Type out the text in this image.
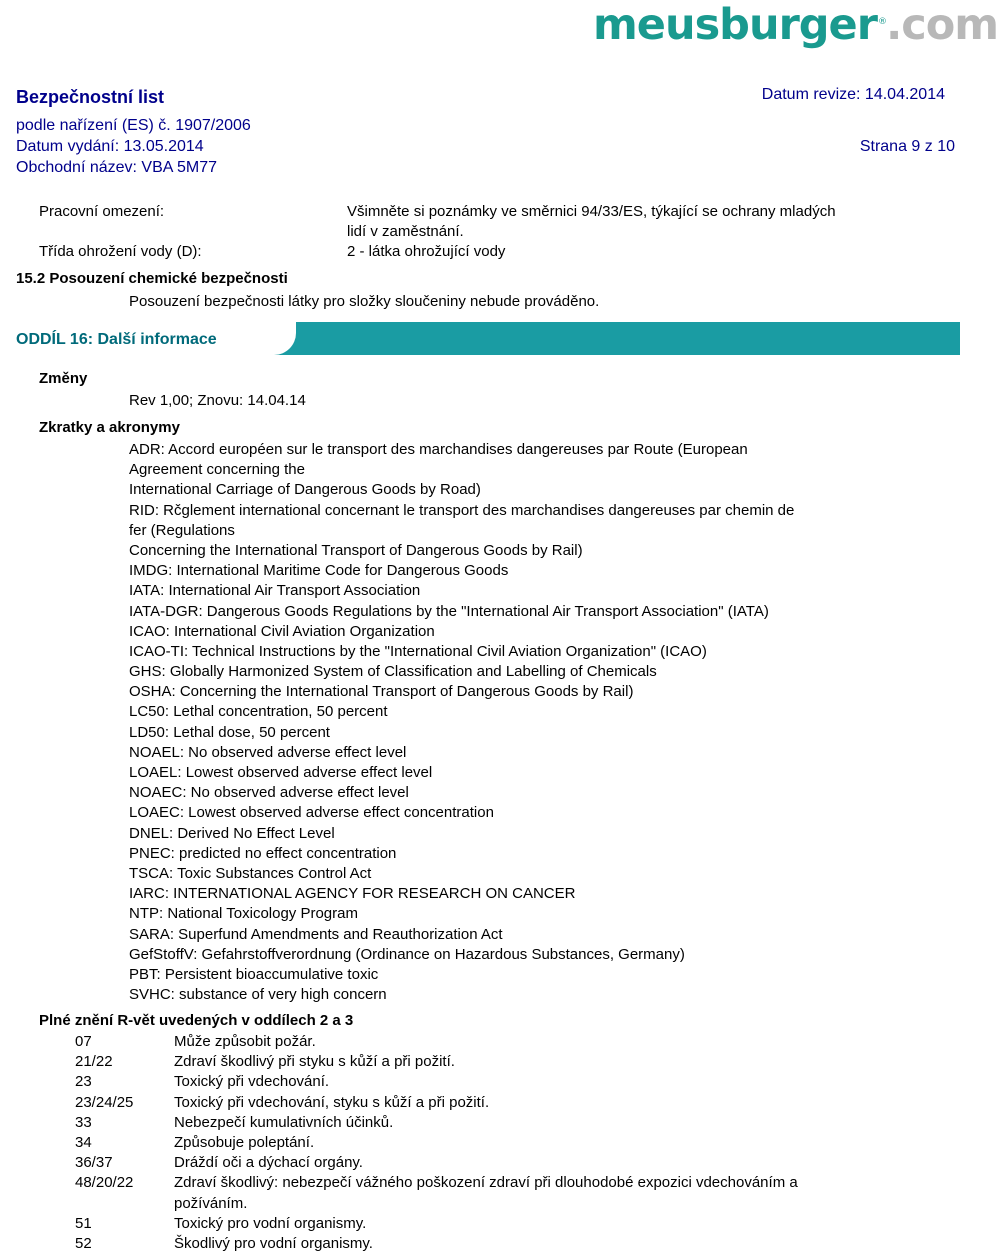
meusburger®.com
Bezpečnostní list
podle nařízení (ES) č. 1907/2006
Datum vydání: 13.05.2014
Obchodní název: VBA 5M77
Datum revize: 14.04.2014
Strana 9 z 10
Pracovní omezení:	Všimněte si poznámky ve směrnici 94/33/ES, týkající se ochrany mladých
lidí v zaměstnání.
Třída ohrožení vody (D):	2 - látka ohrožující vody
15.2 Posouzení chemické bezpečnosti
Posouzení bezpečnosti látky pro složky sloučeniny nebude prováděno.
ODDÍL 16: Další informace
Změny
Rev 1,00; Znovu: 14.04.14
Zkratky a akronymy
ADR: Accord européen sur le transport des marchandises dangereuses par Route (European
Agreement concerning the
International Carriage of Dangerous Goods by Road)
RID: Rčglement international concernant le transport des marchandises dangereuses par chemin de
fer (Regulations
Concerning the International Transport of Dangerous Goods by Rail)
IMDG: International Maritime Code for Dangerous Goods
IATA: International Air Transport Association
IATA-DGR: Dangerous Goods Regulations by the "International Air Transport Association" (IATA)
ICAO: International Civil Aviation Organization
ICAO-TI: Technical Instructions by the "International Civil Aviation Organization" (ICAO)
GHS: Globally Harmonized System of Classification and Labelling of Chemicals
OSHA: Concerning the International Transport of Dangerous Goods by Rail)
LC50: Lethal concentration, 50 percent
LD50: Lethal dose, 50 percent
NOAEL: No observed adverse effect level
LOAEL: Lowest observed adverse effect level
NOAEC: No observed adverse effect level
LOAEC: Lowest observed adverse effect concentration
DNEL: Derived No Effect Level
PNEC: predicted no effect concentration
TSCA: Toxic Substances Control Act
IARC: INTERNATIONAL AGENCY FOR RESEARCH ON CANCER
NTP: National Toxicology Program
SARA: Superfund Amendments and Reauthorization Act
GefStoffV: Gefahrstoffverordnung (Ordinance on Hazardous Substances, Germany)
PBT: Persistent bioaccumulative toxic
SVHC: substance of very high concern
Plné znění R-vět uvedených v oddílech 2 a 3
07	Může způsobit požár.
21/22	Zdraví škodlivý při styku s kůží a při požití.
23	Toxický při vdechování.
23/24/25	Toxický při vdechování, styku s kůží a při požití.
33	Nebezpečí kumulativních účinků.
34	Způsobuje poleptání.
36/37	Dráždí oči a dýchací orgány.
48/20/22	Zdraví škodlivý: nebezpečí vážného poškození zdraví při dlouhodobé expozici vdechováním a požíváním.
51	Toxický pro vodní organismy.
52	Škodlivý pro vodní organismy.
